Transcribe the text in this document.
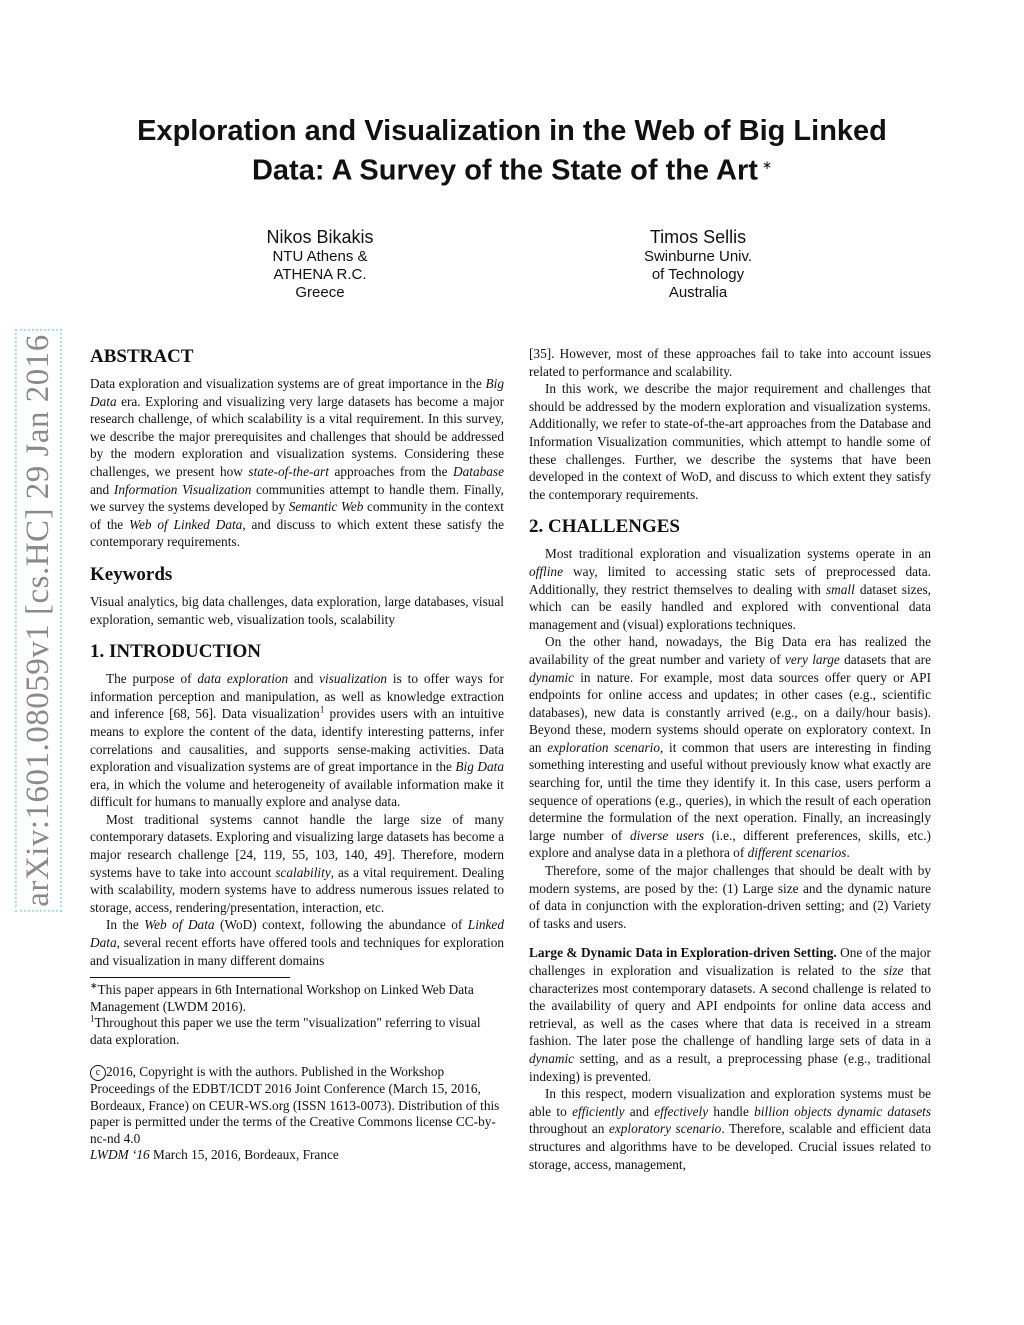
arXiv:1601.08059v1 [cs.HC] 29 Jan 2016
Exploration and Visualization in the Web of Big Linked
Data: A Survey of the State of the Art ∗
Nikos Bikakis
NTU Athens &
ATHENA R.C.
Greece
Timos Sellis
Swinburne Univ.
of Technology
Australia
ABSTRACT

Data exploration and visualization systems are of great importance in the Big Data era. Exploring and visualizing very large datasets has become a major research challenge, of which scalability is a vital requirement. In this survey, we describe the major prerequisites and challenges that should be addressed by the modern exploration and visualization systems. Considering these challenges, we present how state-of-the-art approaches from the Database and Information Visualization communities attempt to handle them. Finally, we survey the systems developed by Semantic Web community in the context of the Web of Linked Data, and discuss to which extent these satisfy the contemporary requirements.

Keywords

Visual analytics, big data challenges, data exploration, large databases, visual exploration, semantic web, visualization tools, scalability

1. INTRODUCTION

The purpose of data exploration and visualization is to offer ways for information perception and manipulation, as well as knowledge extraction and inference [68, 56]. Data visualization$^1$ provides users with an intuitive means to explore the content of the data, identify interesting patterns, infer correlations and causalities, and supports sense-making activities. Data exploration and visualization systems are of great importance in the Big Data era, in which the volume and heterogeneity of available information make it difficult for humans to manually explore and analyse data.

Most traditional systems cannot handle the large size of many contemporary datasets. Exploring and visualizing large datasets has become a major research challenge [24, 119, 55, 103, 140, 49]. Therefore, modern systems have to take into account scalability, as a vital requirement. Dealing with scalability, modern systems have to address numerous issues related to storage, access, rendering/presentation, interaction, etc.

In the Web of Data (WoD) context, following the abundance of Linked Data, several recent efforts have offered tools and techniques for exploration and visualization in many different domains

∗This paper appears in 6th International Workshop on Linked Web Data Management (LWDM 2016).

$^1$Throughout this paper we use the term "visualization" referring to visual data exploration.

c 2016, Copyright is with the authors. Published in the Workshop Proceedings of the EDBT/ICDT 2016 Joint Conference (March 15, 2016, Bordeaux, France) on CEUR-WS.org (ISSN 1613-0073). Distribution of this paper is permitted under the terms of the Creative Commons license CC-by-nc-nd 4.0

LWDM ‘16 March 15, 2016, Bordeaux, France

[35]. However, most of these approaches fail to take into account issues related to performance and scalability.

In this work, we describe the major requirement and challenges that should be addressed by the modern exploration and visualization systems. Additionally, we refer to state-of-the-art approaches from the Database and Information Visualization communities, which attempt to handle some of these challenges. Further, we describe the systems that have been developed in the context of WoD, and discuss to which extent they satisfy the contemporary requirements.

2. CHALLENGES

Most traditional exploration and visualization systems operate in an offline way, limited to accessing static sets of preprocessed data. Additionally, they restrict themselves to dealing with small dataset sizes, which can be easily handled and explored with conventional data management and (visual) explorations techniques.

On the other hand, nowadays, the Big Data era has realized the availability of the great number and variety of very large datasets that are dynamic in nature. For example, most data sources offer query or API endpoints for online access and updates; in other cases (e.g., scientific databases), new data is constantly arrived (e.g., on a daily/hour basis). Beyond these, modern systems should operate on exploratory context. In an exploration scenario, it common that users are interesting in finding something interesting and useful without previously know what exactly are searching for, until the time they identify it. In this case, users perform a sequence of operations (e.g., queries), in which the result of each operation determine the formulation of the next operation. Finally, an increasingly large number of diverse users (i.e., different preferences, skills, etc.) explore and analyse data in a plethora of different scenarios.

Therefore, some of the major challenges that should be dealt with by modern systems, are posed by the: (1) Large size and the dynamic nature of data in conjunction with the exploration-driven setting; and (2) Variety of tasks and users.

Large & Dynamic Data in Exploration-driven Setting. One of the major challenges in exploration and visualization is related to the size that characterizes most contemporary datasets. A second challenge is related to the availability of query and API endpoints for online data access and retrieval, as well as the cases where that data is received in a stream fashion. The later pose the challenge of handling large sets of data in a dynamic setting, and as a result, a preprocessing phase (e.g., traditional indexing) is prevented.

In this respect, modern visualization and exploration systems must be able to efficiently and effectively handle billion objects dynamic datasets throughout an exploratory scenario. Therefore, scalable and efficient data structures and algorithms have to be developed. Crucial issues related to storage, access, management,
